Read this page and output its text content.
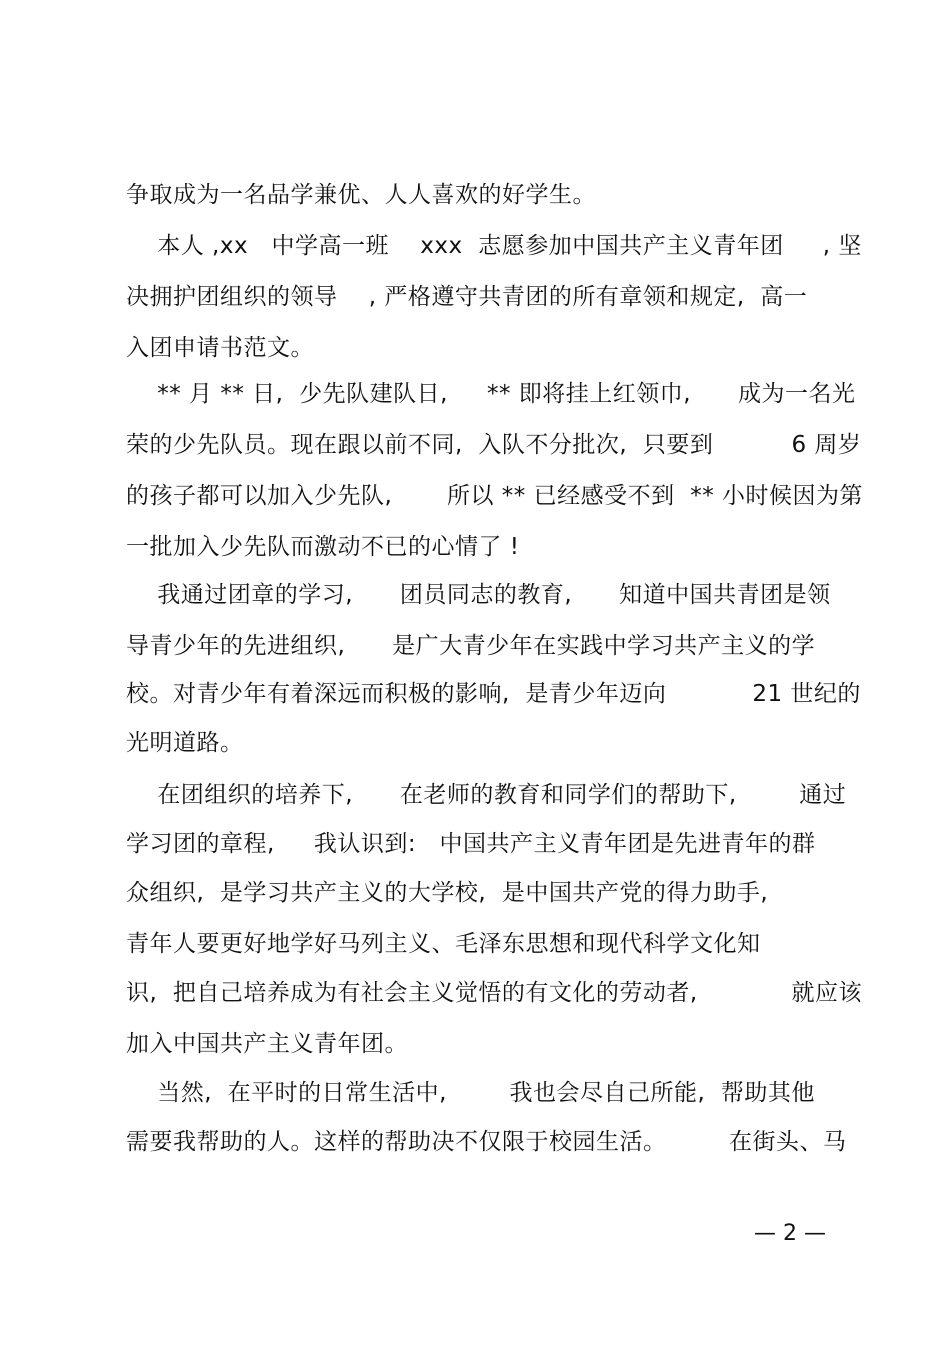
争取成为一名品学兼优、人人喜欢的好学生。
本人 ,xx   中学高一班    xxx  志愿参加中国共产主义青年团     , 坚
决拥护团组织的领导    , 严格遵守共青团的所有章领和规定,  高一
入团申请书范文。
** 月 ** 日,  少先队建队日,     ** 即将挂上红领巾,      成为一名光
荣的少先队员。现在跟以前不同,  入队不分批次,  只要到          6 周岁
的孩子都可以加入少先队,       所以 ** 已经感受不到  ** 小时候因为第
一批加入少先队而激动不已的心情了 !
我通过团章的学习,      团员同志的教育,      知道中国共青团是领
导青少年的先进组织,      是广大青少年在实践中学习共产主义的学
校。对青少年有着深远而积极的影响,  是青少年迈向           21 世纪的
光明道路。
在团组织的培养下,      在老师的教育和同学们的帮助下,        通过
学习团的章程,     我认识到:   中国共产主义青年团是先进青年的群
众组织,  是学习共产主义的大学校,  是中国共产党的得力助手,
青年人要更好地学好马列主义、毛泽东思想和现代科学文化知
识,  把自己培养成为有社会主义觉悟的有文化的劳动者,            就应该
加入中国共产主义青年团。
当然,  在平时的日常生活中,        我也会尽自己所能,  帮助其他
需要我帮助的人。这样的帮助决不仅限于校园生活。        在街头、马
— 2 —
